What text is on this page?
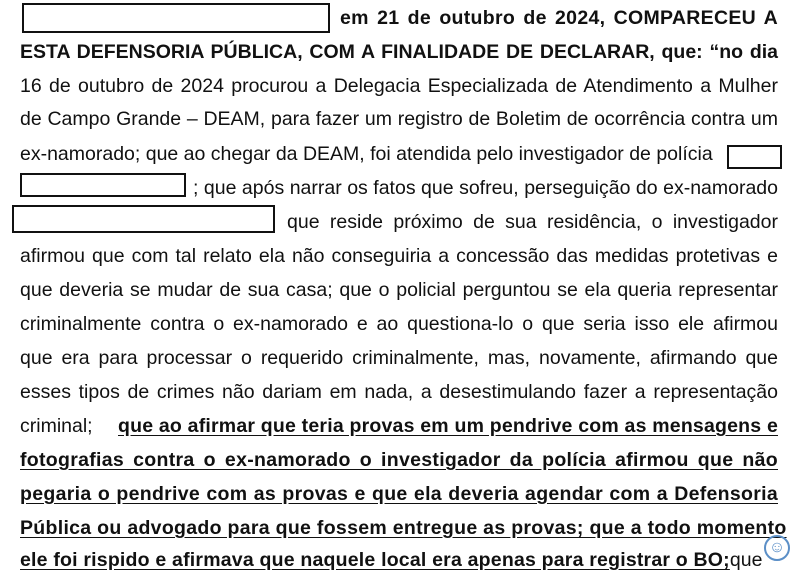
em 21 de outubro de 2024, COMPARECEU A
ESTA DEFENSORIA PÚBLICA, COM A FINALIDADE DE DECLARAR, que: “no dia
16 de outubro de 2024 procurou a Delegacia Especializada de Atendimento a Mulher
de Campo Grande – DEAM, para fazer um registro de Boletim de ocorrência contra um
ex-namorado; que ao chegar da DEAM, foi atendida pelo investigador de polícia
; que após narrar os fatos que sofreu, perseguição do ex-namorado
que reside próximo de sua residência, o investigador
afirmou que com tal relato ela não conseguiria a concessão das medidas protetivas e
que deveria se mudar de sua casa; que o policial perguntou se ela queria representar
criminalmente contra o ex-namorado e ao questiona-lo o que seria isso ele afirmou
que era para processar o requerido criminalmente, mas, novamente, afirmando que
esses tipos de crimes não dariam em nada, a desestimulando fazer a representação
criminal; que ao afirmar que teria provas em um pendrive com as mensagens e
fotografias contra o ex-namorado o investigador da polícia afirmou que não
pegaria o pendrive com as provas e que ela deveria agendar com a Defensoria
Pública ou advogado para que fossem entregue as provas; que a todo momento
ele foi rispido e afirmava que naquele local era apenas para registrar o BO; que
☺
